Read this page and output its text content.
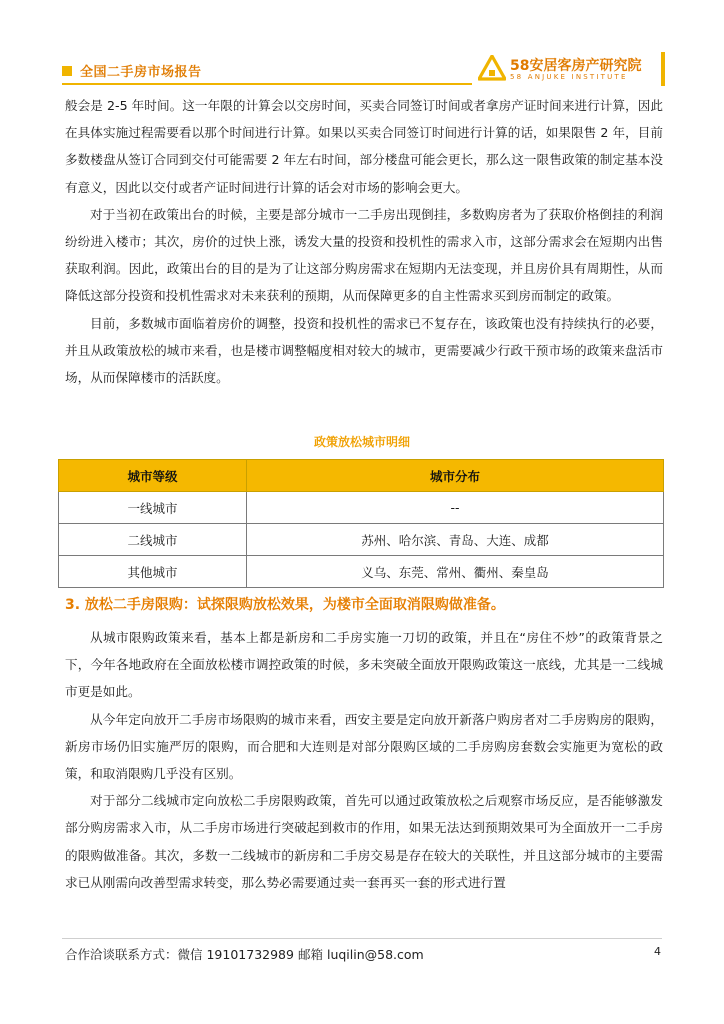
全国二手房市场报告	58安居客房产研究院
58 ANJUKE INSTITUTE

般会是 2-5 年时间。这一年限的计算会以交房时间，买卖合同签订时间或者拿房产证时间来进行计算，因此在具体实施过程需要看以那个时间进行计算。如果以买卖合同签订时间进行计算的话，如果限售 2 年，目前多数楼盘从签订合同到交付可能需要 2 年左右时间，部分楼盘可能会更长，那么这一限售政策的制定基本没有意义，因此以交付或者产证时间进行计算的话会对市场的影响会更大。

对于当初在政策出台的时候，主要是部分城市一二手房出现倒挂，多数购房者为了获取价格倒挂的利润纷纷进入楼市；其次，房价的过快上涨，诱发大量的投资和投机性的需求入市，这部分需求会在短期内出售获取利润。因此，政策出台的目的是为了让这部分购房需求在短期内无法变现，并且房价具有周期性，从而降低这部分投资和投机性需求对未来获利的预期，从而保障更多的自主性需求买到房而制定的政策。

目前，多数城市面临着房价的调整，投资和投机性的需求已不复存在，该政策也没有持续执行的必要，并且从政策放松的城市来看，也是楼市调整幅度相对较大的城市，更需要减少行政干预市场的政策来盘活市场，从而保障楼市的活跃度。

政策放松城市明细
城市等级	城市分布
一线城市	--
二线城市	苏州、哈尔滨、青岛、大连、成都
其他城市	义乌、东莞、常州、衢州、秦皇岛
3. 放松二手房限购：试探限购放松效果，为楼市全面取消限购做准备。

从城市限购政策来看，基本上都是新房和二手房实施一刀切的政策，并且在“房住不炒”的政策背景之下，今年各地政府在全面放松楼市调控政策的时候，多未突破全面放开限购政策这一底线，尤其是一二线城市更是如此。

从今年定向放开二手房市场限购的城市来看，西安主要是定向放开新落户购房者对二手房购房的限购，新房市场仍旧实施严厉的限购，而合肥和大连则是对部分限购区域的二手房购房套数会实施更为宽松的政策，和取消限购几乎没有区别。

对于部分二线城市定向放松二手房限购政策，首先可以通过政策放松之后观察市场反应，是否能够激发部分购房需求入市，从二手房市场进行突破起到救市的作用，如果无法达到预期效果可为全面放开一二手房的限购做准备。其次，多数一二线城市的新房和二手房交易是存在较大的关联性，并且这部分城市的主要需求已从刚需向改善型需求转变，那么势必需要通过卖一套再买一套的形式进行置

合作洽谈联系方式：微信 19101732989 邮箱 luqilin@58.com	4
